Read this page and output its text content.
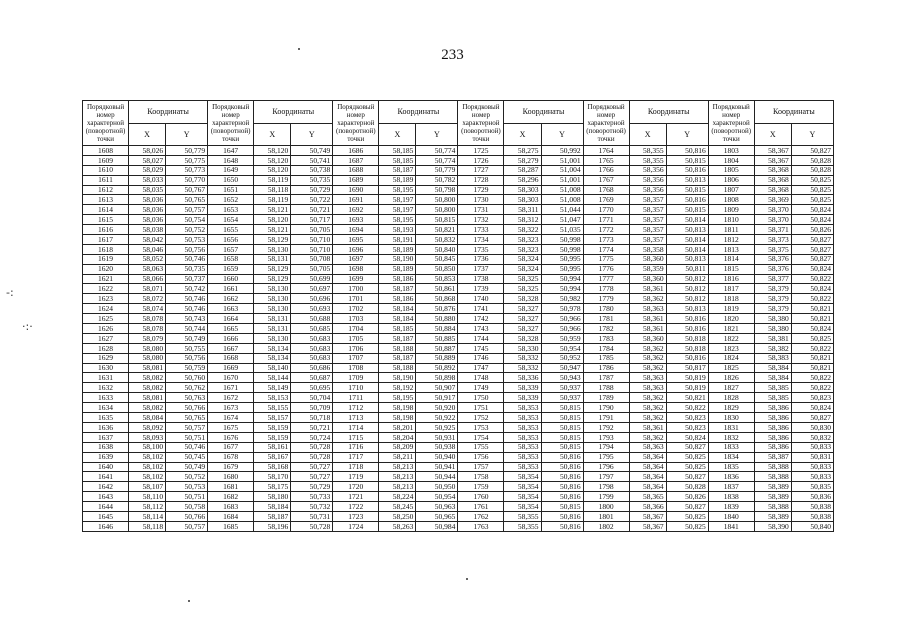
233
Порядковый номер характерной (поворотной) точки	Координаты		Порядковый номер характерной (поворотной) точки	Координаты		Порядковый номер характерной (поворотной) точки	Координаты		Порядковый номер характерной (поворотной) точки	Координаты		Порядковый номер характерной (поворотной) точки	Координаты		Порядковый номер характерной (поворотной) точки	Координаты	
	X	Y		X	Y		X	Y		X	Y		X	Y		X	Y
1608	58,026	50,779	1647	58,120	50,749	1686	58,185	50,774	1725	58,275	50,992	1764	58,355	50,816	1803	58,367	50,827
1609	58,027	50,775	1648	58,120	50,741	1687	58,185	50,774	1726	58,279	51,001	1765	58,355	50,815	1804	58,367	50,828
1610	58,029	50,773	1649	58,120	50,738	1688	58,187	50,779	1727	58,287	51,004	1766	58,356	50,816	1805	58,368	50,828
1611	58,033	50,770	1650	58,119	50,735	1689	58,189	50,782	1728	58,296	51,001	1767	58,356	50,813	1806	58,368	50,825
1612	58,035	50,767	1651	58,118	50,729	1690	58,195	50,798	1729	58,303	51,008	1768	58,356	50,815	1807	58,368	50,825
1613	58,036	50,765	1652	58,119	50,722	1691	58,197	50,800	1730	58,303	51,008	1769	58,357	50,816	1808	58,369	50,825
1614	58,036	50,757	1653	58,121	50,721	1692	58,197	50,800	1731	58,311	51,044	1770	58,357	50,815	1809	58,370	50,824
1615	58,036	50,754	1654	58,120	50,717	1693	58,195	50,815	1732	58,312	51,047	1771	58,357	50,814	1810	58,370	50,824
1616	58,038	50,752	1655	58,121	50,705	1694	58,193	50,821	1733	58,322	51,035	1772	58,357	50,813	1811	58,371	50,826
1617	58,042	50,753	1656	58,129	50,710	1695	58,191	50,832	1734	58,323	50,998	1773	58,357	50,814	1812	58,373	50,827
1618	58,046	50,756	1657	58,130	50,710	1696	58,189	50,840	1735	58,323	50,998	1774	58,358	50,814	1813	58,375	50,827
1619	58,052	50,746	1658	58,131	50,708	1697	58,190	50,845	1736	58,324	50,995	1775	58,360	50,813	1814	58,376	50,827
1620	58,063	50,735	1659	58,129	50,705	1698	58,189	50,850	1737	58,324	50,995	1776	58,359	50,811	1815	58,376	50,824
1621	58,066	50,737	1660	58,129	50,699	1699	58,186	50,853	1738	58,325	50,994	1777	58,360	50,812	1816	58,377	50,822
1622	58,071	50,742	1661	58,130	50,697	1700	58,187	50,861	1739	58,325	50,994	1778	58,361	50,812	1817	58,379	50,824
1623	58,072	50,746	1662	58,130	50,696	1701	58,186	50,868	1740	58,328	50,982	1779	58,362	50,812	1818	58,379	50,822
1624	58,074	50,746	1663	58,130	50,693	1702	58,184	50,876	1741	58,327	50,978	1780	58,363	50,813	1819	58,379	50,821
1625	58,078	50,743	1664	58,131	50,688	1703	58,184	50,880	1742	58,327	50,966	1781	58,361	50,816	1820	58,380	50,821
1626	58,078	50,744	1665	58,131	50,685	1704	58,185	50,884	1743	58,327	50,966	1782	58,361	50,816	1821	58,380	50,824
1627	58,079	50,749	1666	58,130	50,683	1705	58,187	50,885	1744	58,328	50,959	1783	58,360	50,818	1822	58,381	50,825
1628	58,080	50,755	1667	58,134	50,683	1706	58,188	50,887	1745	58,330	50,954	1784	58,362	50,818	1823	58,382	50,822
1629	58,080	50,756	1668	58,134	50,683	1707	58,187	50,889	1746	58,332	50,952	1785	58,362	50,816	1824	58,383	50,821
1630	58,081	50,759	1669	58,140	50,686	1708	58,188	50,892	1747	58,332	50,947	1786	58,362	50,817	1825	58,384	50,821
1631	58,082	50,760	1670	58,144	50,687	1709	58,190	50,898	1748	58,336	50,943	1787	58,363	50,819	1826	58,384	50,822
1632	58,082	50,762	1671	58,149	50,695	1710	58,192	50,907	1749	58,339	50,937	1788	58,363	50,819	1827	58,385	50,822
1633	58,081	50,763	1672	58,153	50,704	1711	58,195	50,917	1750	58,339	50,937	1789	58,362	50,821	1828	58,385	50,823
1634	58,082	50,766	1673	58,155	50,709	1712	58,198	50,920	1751	58,353	50,815	1790	58,362	50,822	1829	58,386	50,824
1635	58,084	50,765	1674	58,157	50,718	1713	58,198	50,922	1752	58,353	50,815	1791	58,362	50,823	1830	58,386	50,827
1636	58,092	50,757	1675	58,159	50,721	1714	58,201	50,925	1753	58,353	50,815	1792	58,361	50,823	1831	58,386	50,830
1637	58,093	50,751	1676	58,159	50,724	1715	58,204	50,931	1754	58,353	50,815	1793	58,362	50,824	1832	58,386	50,832
1638	58,100	50,746	1677	58,161	50,728	1716	58,209	50,938	1755	58,353	50,815	1794	58,363	50,827	1833	58,386	50,833
1639	58,102	50,745	1678	58,167	50,728	1717	58,211	50,940	1756	58,353	50,816	1795	58,364	50,825	1834	58,387	50,831
1640	58,102	50,749	1679	58,168	50,727	1718	58,213	50,941	1757	58,353	50,816	1796	58,364	50,825	1835	58,388	50,833
1641	58,102	50,752	1680	58,170	50,727	1719	58,213	50,944	1758	58,354	50,816	1797	58,364	50,827	1836	58,388	50,833
1642	58,107	50,753	1681	58,175	50,729	1720	58,213	50,950	1759	58,354	50,816	1798	58,364	50,828	1837	58,389	50,835
1643	58,110	50,751	1682	58,180	50,733	1721	58,224	50,954	1760	58,354	50,816	1799	58,365	50,826	1838	58,389	50,836
1644	58,112	50,758	1683	58,184	50,732	1722	58,245	50,963	1761	58,354	50,815	1800	58,366	50,827	1839	58,388	50,838
1645	58,114	50,766	1684	58,187	50,731	1723	58,250	50,965	1762	58,355	50,816	1801	58,367	50,825	1840	58,389	50,838
1646	58,118	50,757	1685	58,196	50,728	1724	58,263	50,984	1763	58,355	50,816	1802	58,367	50,825	1841	58,390	50,840
-:
·:·
